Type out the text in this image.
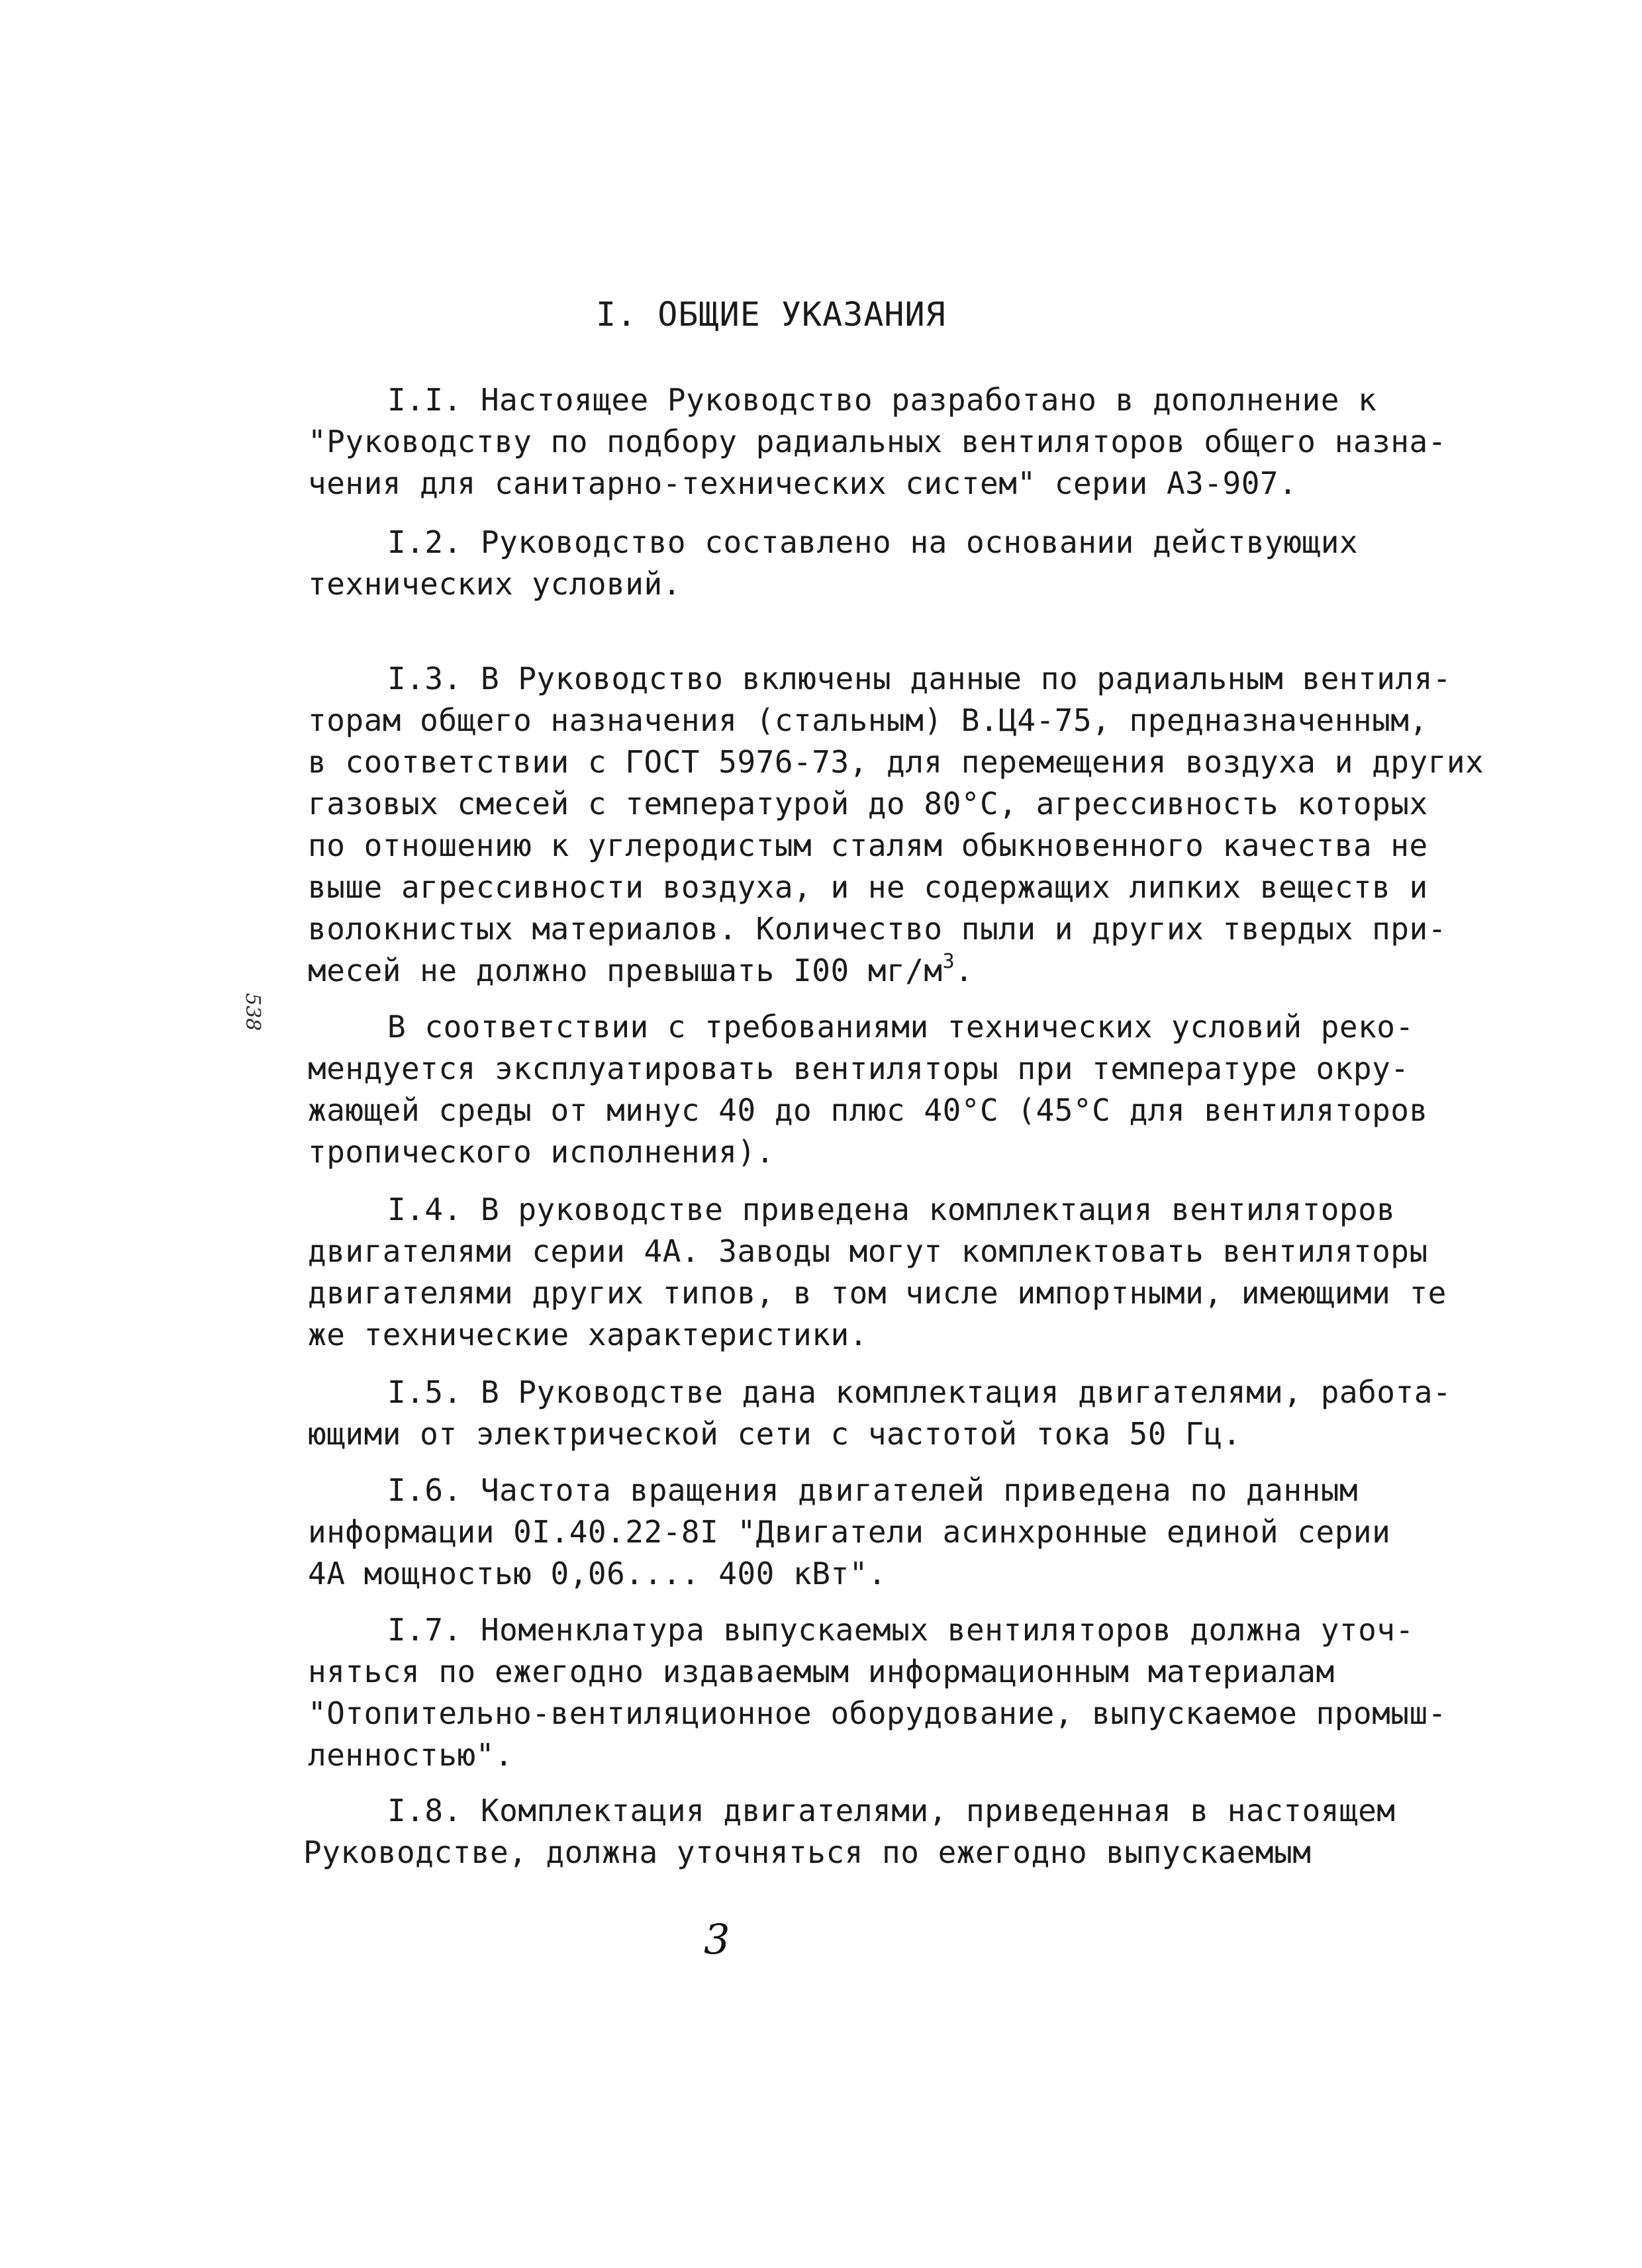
I. ОБЩИЕ УКАЗАНИЯ
I.I. Настоящее Руководство разработано в дополнение к
"Руководству по подбору радиальных вентиляторов общего назна-
чения для санитарно-технических систем" серии А3-907.
I.2. Руководство составлено на основании действующих
технических условий.
I.3. В Руководство включены данные по радиальным вентиля-
торам общего назначения (стальным) В.Ц4-75, предназначенным,
в соответствии с ГОСТ 5976-73, для перемещения воздуха и других
газовых смесей с температурой до 80°С, агрессивность которых
по отношению к углеродистым сталям обыкновенного качества не
выше агрессивности воздуха, и не содержащих липких веществ и
волокнистых материалов. Количество пыли и других твердых при-
месей не должно превышать I00 $мг/м^3$.
В соответствии с требованиями технических условий реко-
мендуется эксплуатировать вентиляторы при температуре окру-
жающей среды от минус 40 до плюс 40°С (45°С для вентиляторов
тропического исполнения).
I.4. В руководстве приведена комплектация вентиляторов
двигателями серии 4А. Заводы могут комплектовать вентиляторы
двигателями других типов, в том числе импортными, имеющими те
же технические характеристики.
I.5. В Руководстве дана комплектация двигателями, работа-
ющими от электрической сети с частотой тока 50 Гц.
I.6. Частота вращения двигателей приведена по данным
информации 0I.40.22-8I "Двигатели асинхронные единой серии
4А мощностью 0,06.... 400 кВт".
I.7. Номенклатура выпускаемых вентиляторов должна уточ-
няться по ежегодно издаваемым информационным материалам
"Отопительно-вентиляционное оборудование, выпускаемое промыш-
ленностью".
I.8. Комплектация двигателями, приведенная в настоящем
Руководстве, должна уточняться по ежегодно выпускаемым
538
3
